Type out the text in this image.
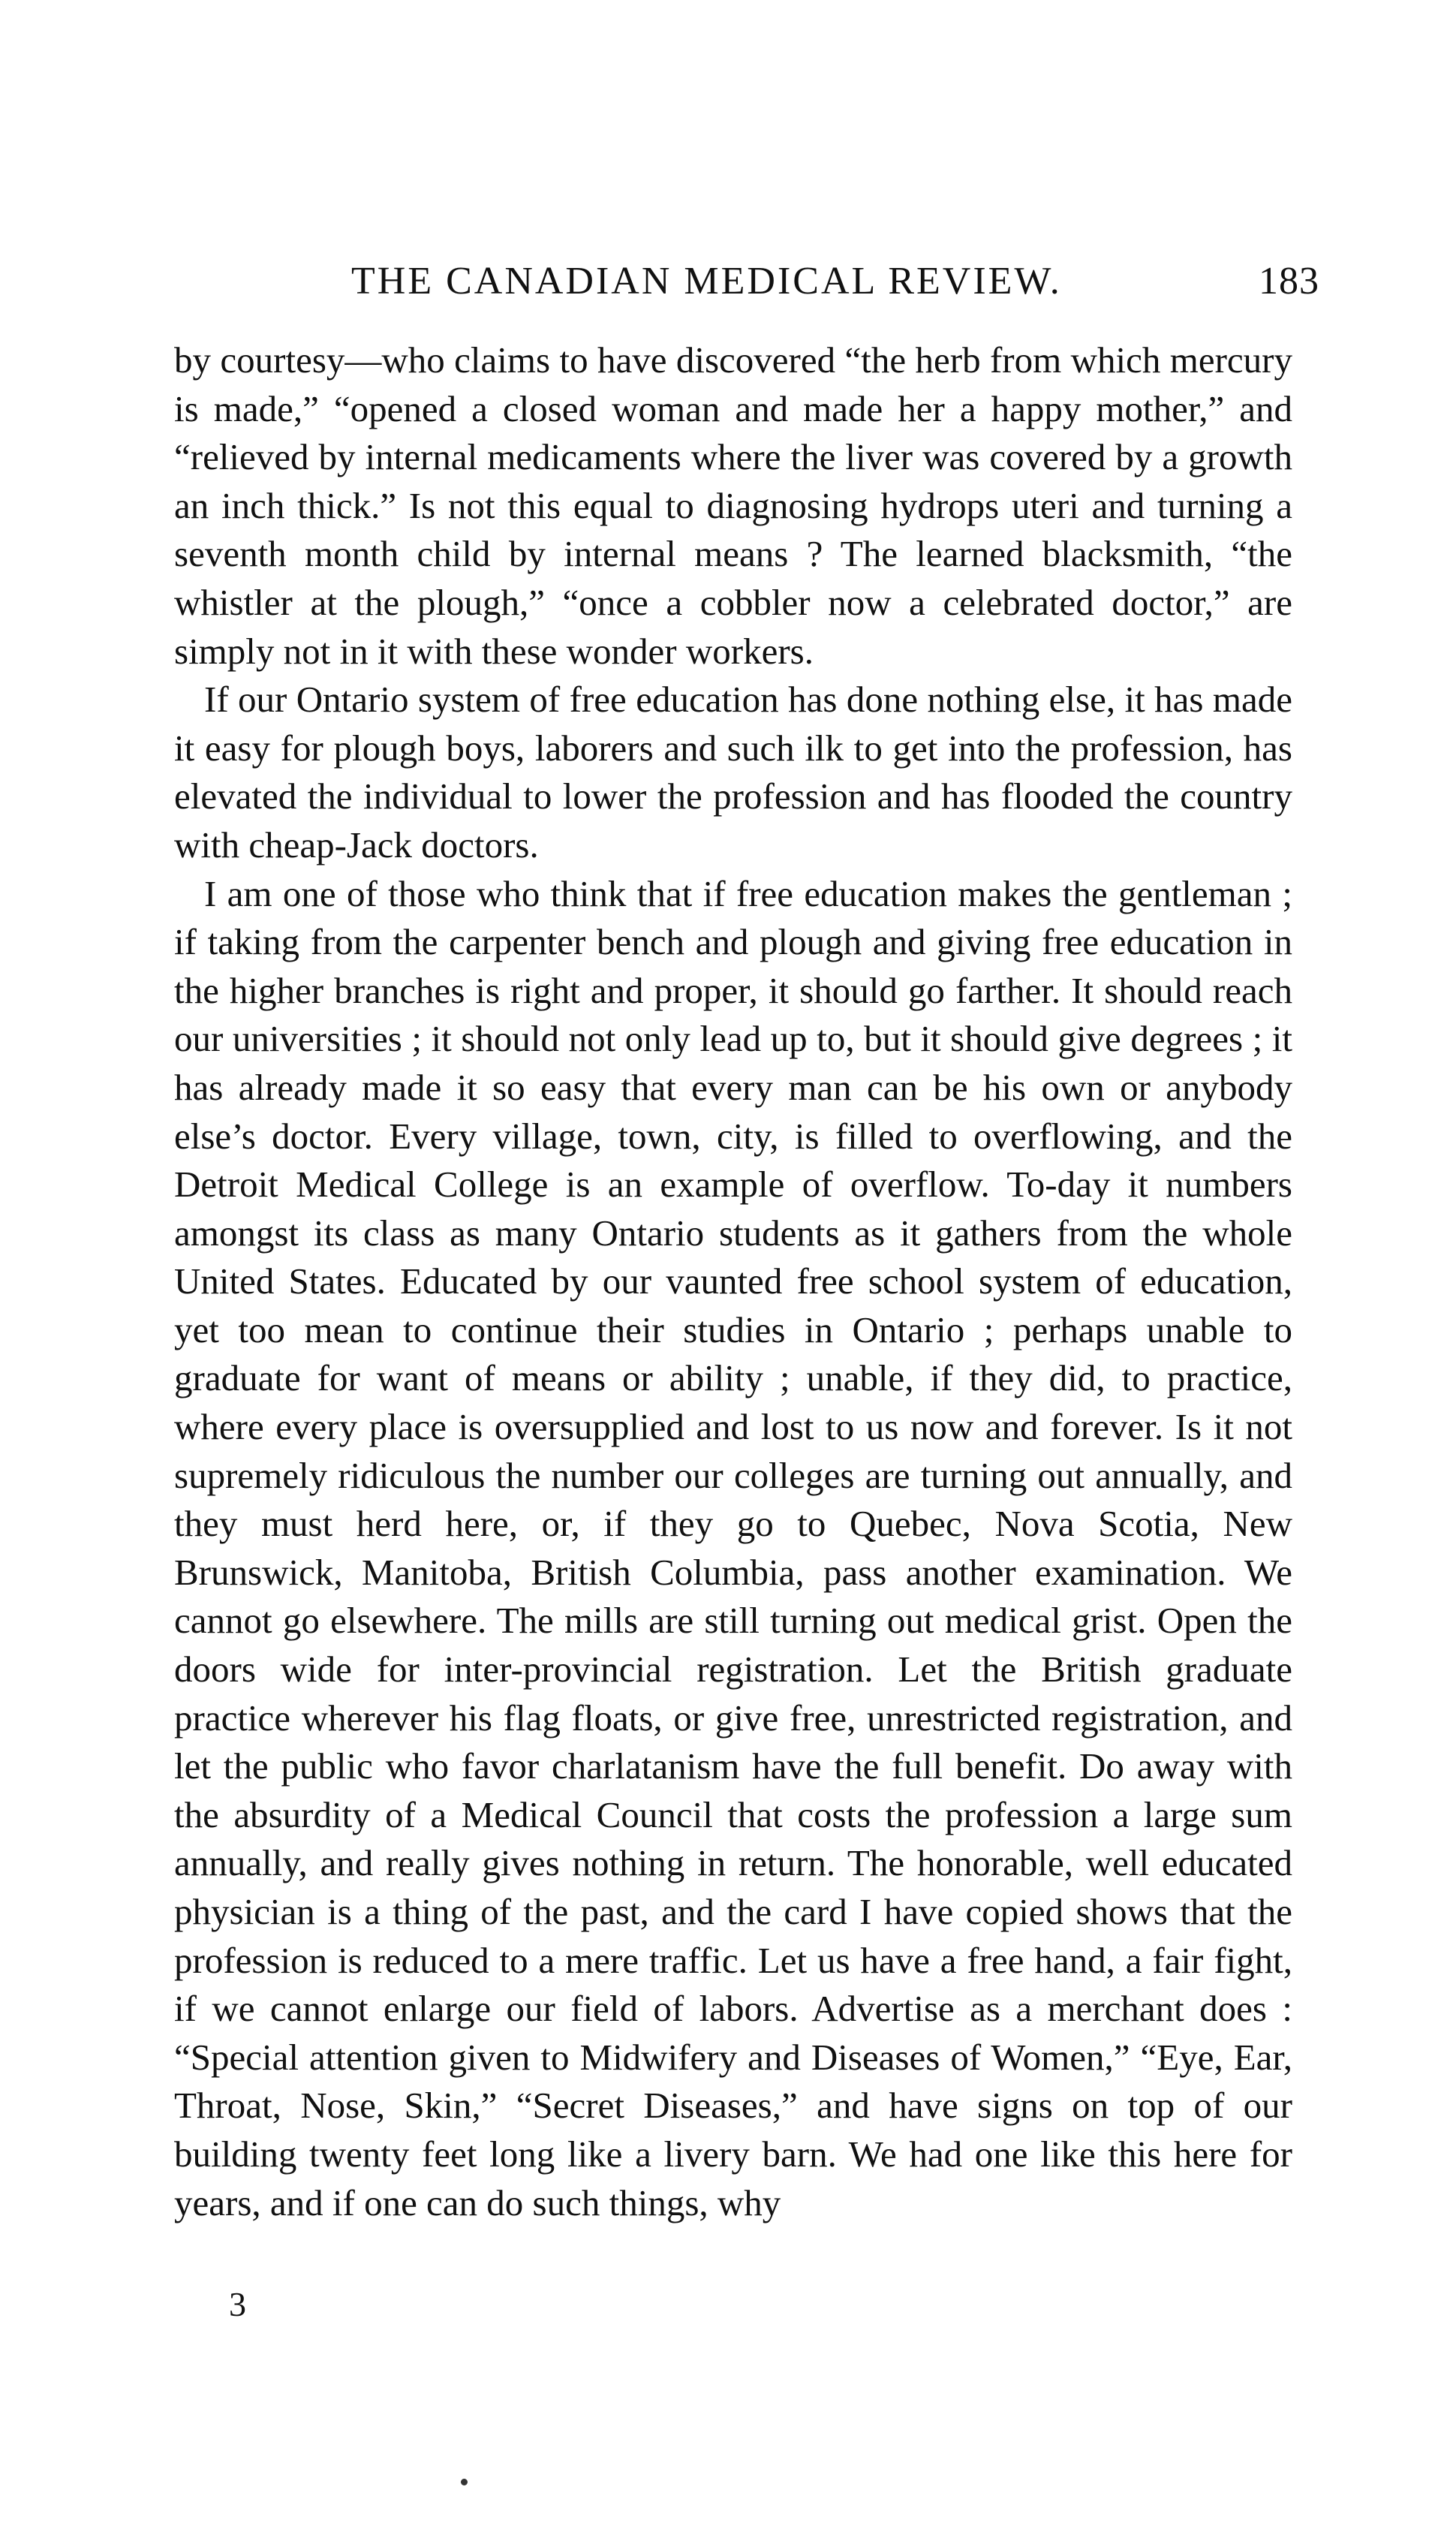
THE CANADIAN MEDICAL REVIEW.	183

by courtesy—who claims to have discovered “the herb from which mercury is made,” “opened a closed woman and made her a happy mother,” and “relieved by internal medicaments where the liver was covered by a growth an inch thick.” Is not this equal to diagnosing hydrops uteri and turning a seventh month child by internal means ? The learned blacksmith, “the whistler at the plough,” “once a cobbler now a celebrated doctor,” are simply not in it with these wonder workers.

If our Ontario system of free education has done nothing else, it has made it easy for plough boys, laborers and such ilk to get into the profession, has elevated the individual to lower the profession and has flooded the country with cheap-Jack doctors.

I am one of those who think that if free education makes the gentleman ; if taking from the carpenter bench and plough and giving free education in the higher branches is right and proper, it should go farther. It should reach our universities ; it should not only lead up to, but it should give degrees ; it has already made it so easy that every man can be his own or anybody else’s doctor. Every village, town, city, is filled to overflowing, and the Detroit Medical College is an example of overflow. To-day it numbers amongst its class as many Ontario students as it gathers from the whole United States. Educated by our vaunted free school system of education, yet too mean to continue their studies in Ontario ; perhaps unable to graduate for want of means or ability ; unable, if they did, to practice, where every place is oversupplied and lost to us now and forever. Is it not supremely ridiculous the number our colleges are turning out annually, and they must herd here, or, if they go to Quebec, Nova Scotia, New Brunswick, Manitoba, British Columbia, pass another examination. We cannot go elsewhere. The mills are still turning out medical grist. Open the doors wide for inter-provincial registration. Let the British graduate practice wherever his flag floats, or give free, unrestricted registration, and let the public who favor charlatanism have the full benefit. Do away with the absurdity of a Medical Council that costs the profession a large sum annually, and really gives nothing in return. The honorable, well educated physician is a thing of the past, and the card I have copied shows that the profession is reduced to a mere traffic. Let us have a free hand, a fair fight, if we cannot enlarge our field of labors. Advertise as a merchant does : “Special attention given to Midwifery and Diseases of Women,” “Eye, Ear, Throat, Nose, Skin,” “Secret Diseases,” and have signs on top of our building twenty feet long like a livery barn. We had one like this here for years, and if one can do such things, why

3
